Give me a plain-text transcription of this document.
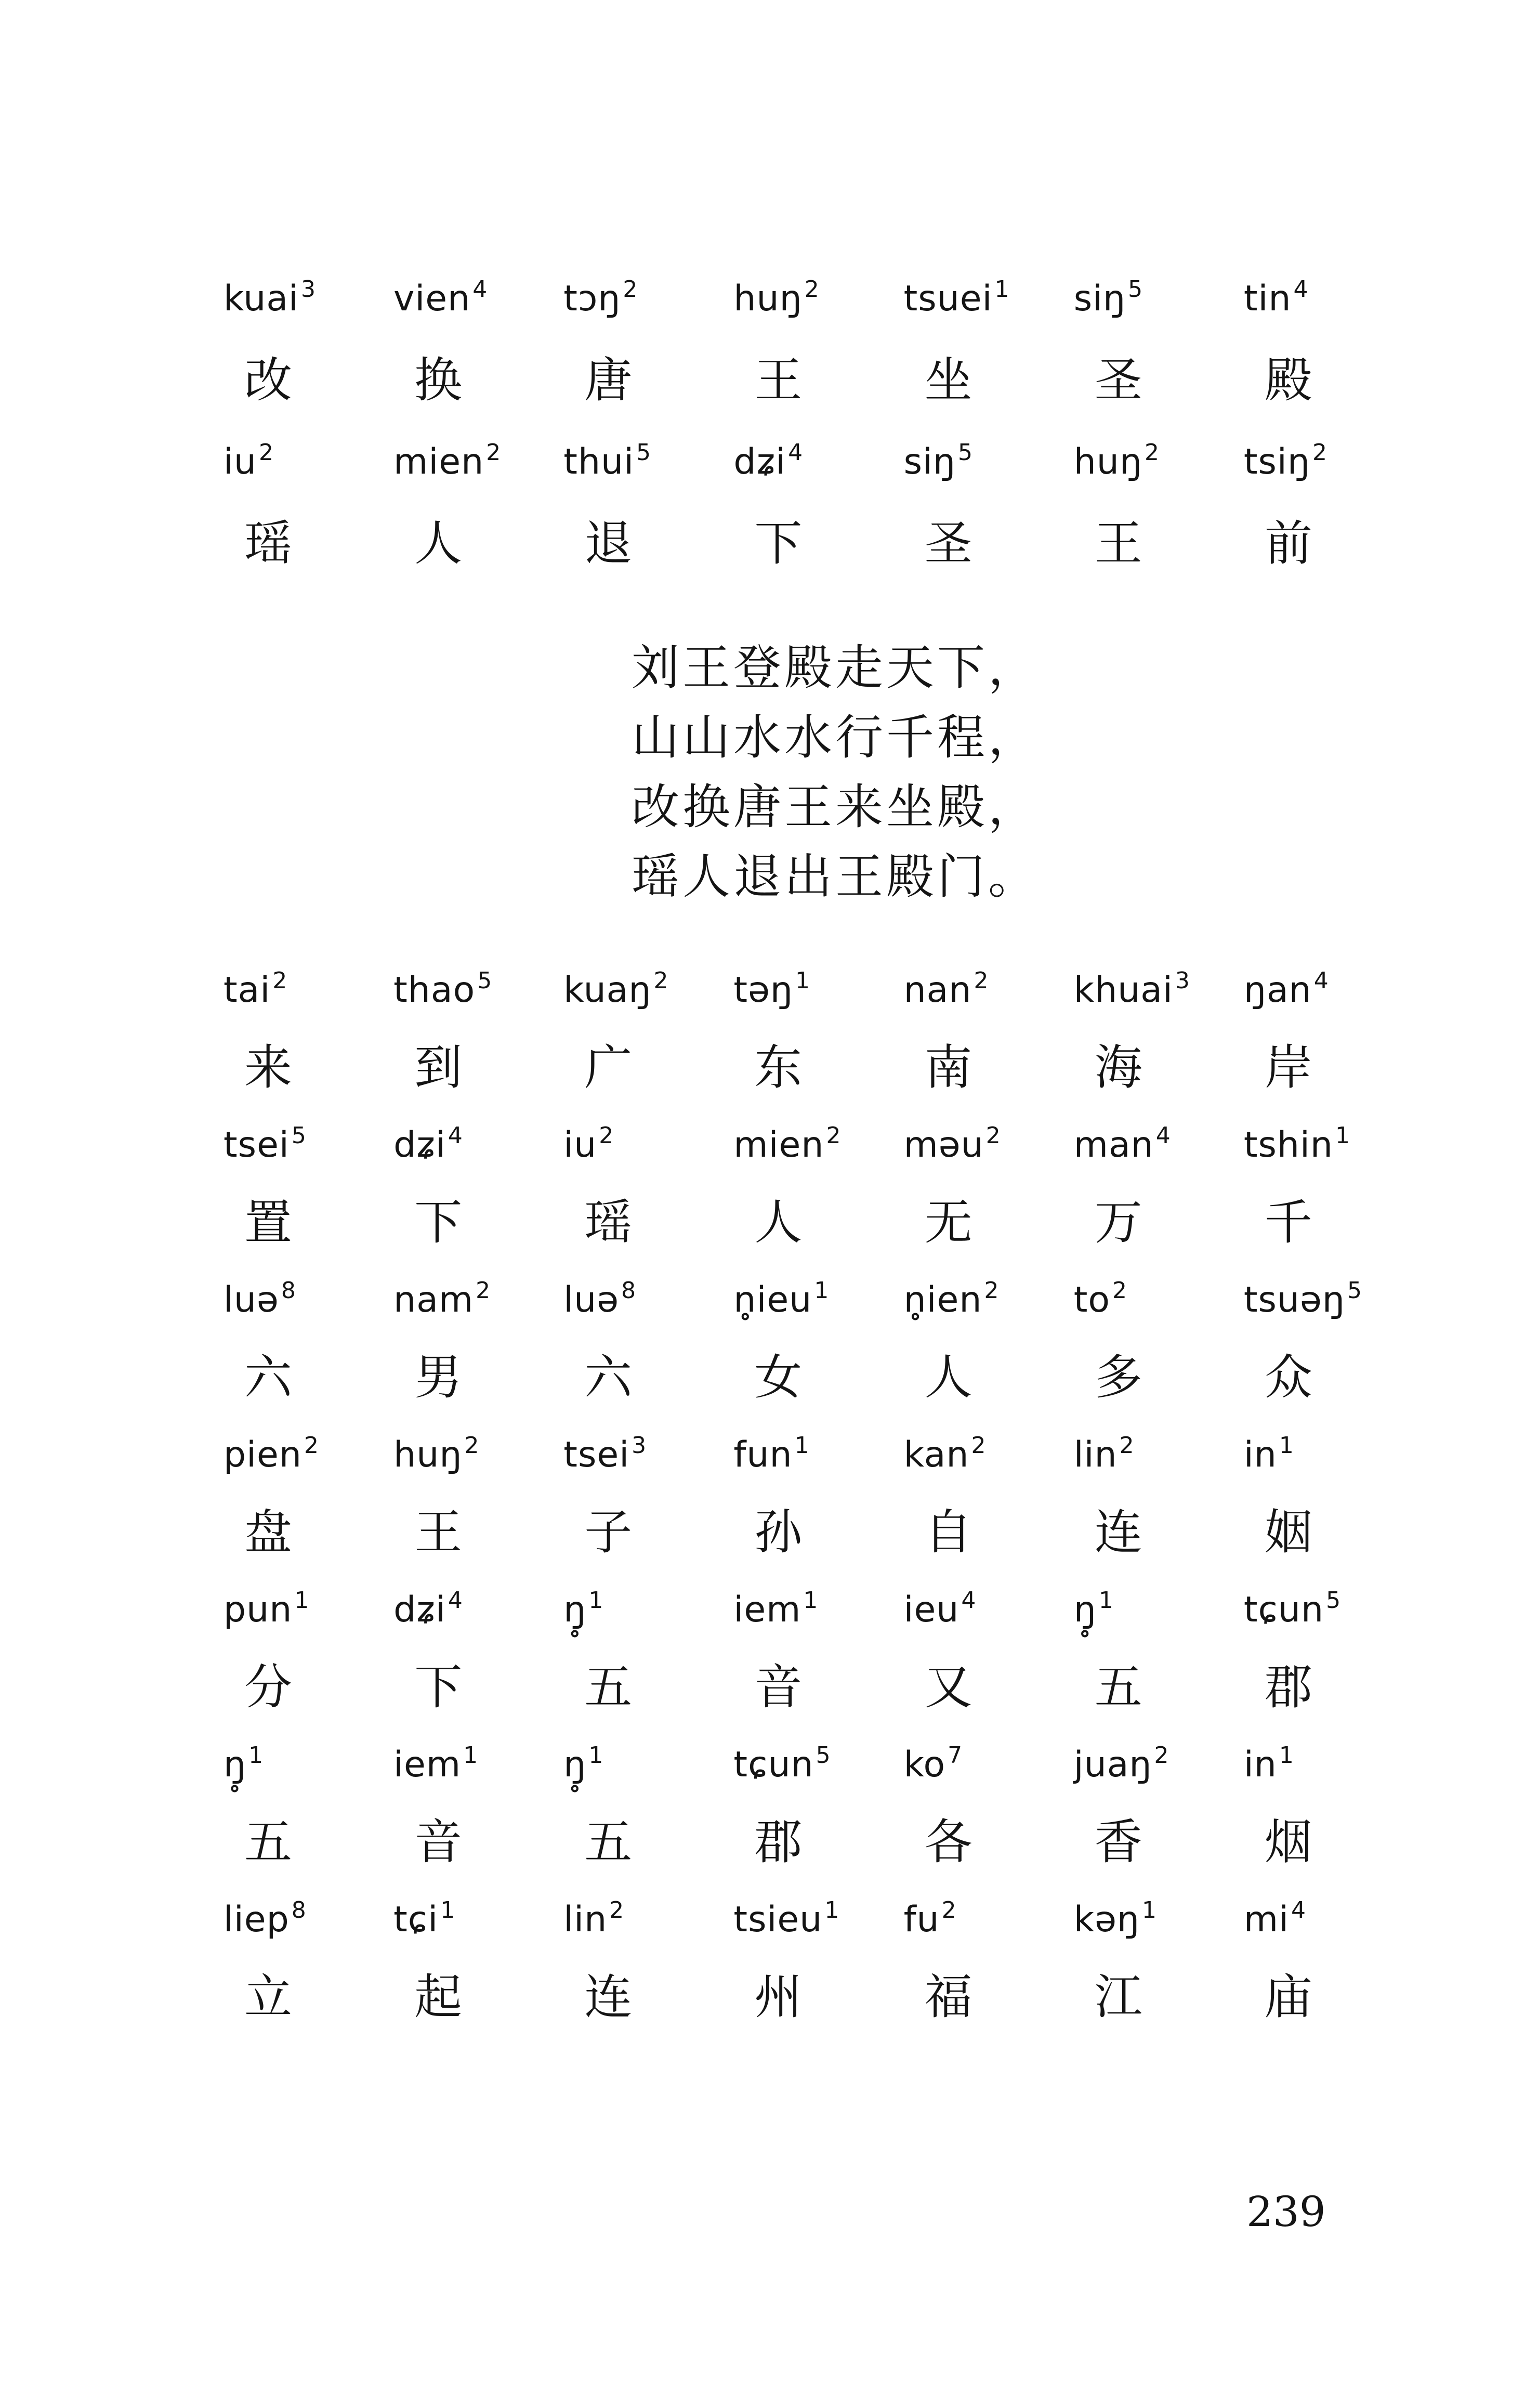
kuai$^3$	vien$^4$	tɔŋ$^2$	huŋ$^2$	tsuei$^1$	siŋ$^5$	tin$^4$
改	换	唐	王	坐	圣	殿
$iu^2$	mien$^2$	thui$^5$	dʑi$^4$	siŋ$^5$	huŋ$^2$	tsiŋ$^2$
瑶	人	退	下	圣	王	前
刘王登殿走天下，
山山水水行千程，
改换唐王来坐殿，
瑶人退出王殿门。
tai$^2$	thao$^5$	kuaŋ$^2$	təŋ$^1$	nan$^2$	khuai$^3$	ŋan$^4$
来	到	广	东	南	海	岸
tsei$^5$	dʑi$^4$	$iu^2$	mien$^2$	məu$^2$	man$^4$	tshin$^1$
置	下	瑶	人	无	万	千
luə$^8$	nam$^2$	luə$^8$	n̥ieu$^1$	n̥ien$^2$	$to^2$	tsuəŋ$^5$
六	男	六	女	人	多	众
pien$^2$	huŋ$^2$	tsei$^3$	fun$^1$	kan$^2$	lin$^2$	$in^1$
盘	王	子	孙	自	连	姻
pun$^1$	dʑi$^4$	ŋ̥$^1$	iem$^1$	ieu$^4$	ŋ̥$^1$	tɕun$^5$
分	下	五	音	又	五	郡
ŋ̥$^1$	iem$^1$	ŋ̥$^1$	tɕun$^5$	$ko^7$	juaŋ$^2$	$in^1$
五	音	五	郡	各	香	烟
liep$^8$	tɕi$^1$	lin$^2$	tsieu$^1$	$fu^2$	kəŋ$^1$	$mi^4$
立	起	连	州	福	江	庙
239
